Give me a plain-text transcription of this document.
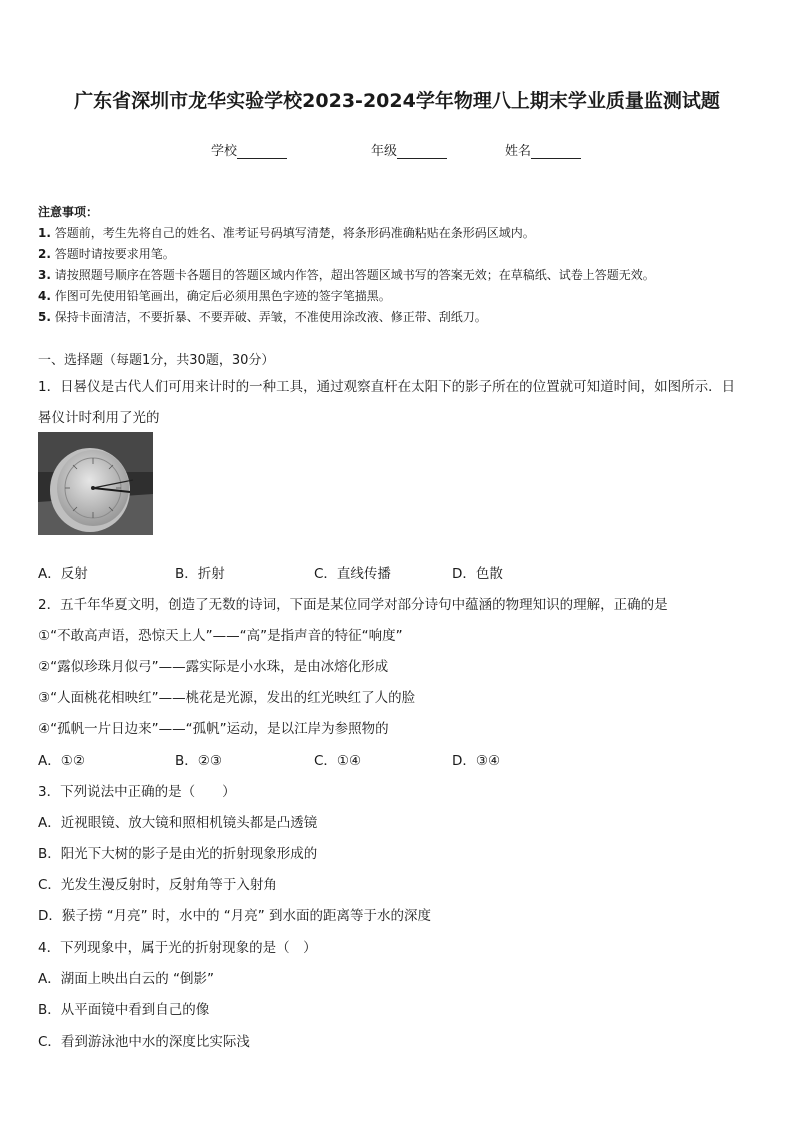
广东省深圳市龙华实验学校2023-2024学年物理八上期末学业质量监测试题
学校	年级	姓名
注意事项：
1. 答题前，考生先将自己的姓名、准考证号码填写清楚，将条形码准确粘贴在条形码区域内。
2. 答题时请按要求用笔。
3. 请按照题号顺序在答题卡各题目的答题区域内作答，超出答题区域书写的答案无效；在草稿纸、试卷上答题无效。
4. 作图可先使用铅笔画出，确定后必须用黑色字迹的签字笔描黑。
5. 保持卡面清洁，不要折暴、不要弄破、弄皱，不准使用涂改液、修正带、刮纸刀。
一、选择题（每题1分，共30题，30分）
1．日晷仪是古代人们可用来计时的一种工具，通过观察直杆在太阳下的影子所在的位置就可知道时间，如图所示．日
晷仪计时利用了光的
A．反射	B．折射	C．直线传播	D．色散
2．五千年华夏文明，创造了无数的诗词，下面是某位同学对部分诗句中蕴涵的物理知识的理解，正确的是
①“不敢高声语，恐惊天上人”——“高”是指声音的特征“响度”
②“露似珍珠月似弓”——露实际是小水珠，是由冰熔化形成
③“人面桃花相映红”——桃花是光源，发出的红光映红了人的脸
④“孤帆一片日边来”——“孤帆”运动，是以江岸为参照物的
A．①②	B．②③	C．①④	D．③④
3．下列说法中正确的是（　　）
A．近视眼镜、放大镜和照相机镜头都是凸透镜
B．阳光下大树的影子是由光的折射现象形成的
C．光发生漫反射时，反射角等于入射角
D．猴子捞 “月亮” 时，水中的 “月亮” 到水面的距离等于水的深度
4．下列现象中，属于光的折射现象的是（　）
A．湖面上映出白云的 “倒影”
B．从平面镜中看到自己的像
C．看到游泳池中水的深度比实际浅
